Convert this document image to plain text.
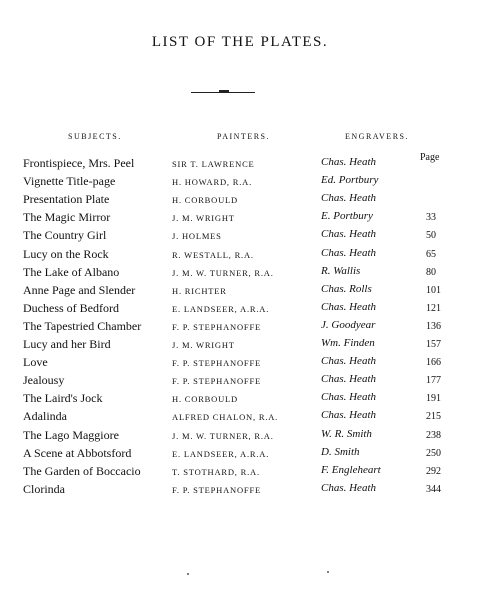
LIST OF THE PLATES.
SUBJECTS.	PAINTERS.	ENGRAVERS.
Page
Frontispiece, Mrs. Peel	SIR T. LAWRENCE	Chas. Heath
Vignette Title-page	H. HOWARD, R.A.	Ed. Portbury
Presentation Plate	H. CORBOULD	Chas. Heath
The Magic Mirror	J. M. WRIGHT	E. Portbury	33
The Country Girl	J. HOLMES	Chas. Heath	50
Lucy on the Rock	R. WESTALL, R.A.	Chas. Heath	65
The Lake of Albano	J. M. W. TURNER, R.A.	R. Wallis	80
Anne Page and Slender	H. RICHTER	Chas. Rolls	101
Duchess of Bedford	E. LANDSEER, A.R.A.	Chas. Heath	121
The Tapestried Chamber	F. P. STEPHANOFFE	J. Goodyear	136
Lucy and her Bird	J. M. WRIGHT	Wm. Finden	157
Love	F. P. STEPHANOFFE	Chas. Heath	166
Jealousy	F. P. STEPHANOFFE	Chas. Heath	177
The Laird's Jock	H. CORBOULD	Chas. Heath	191
Adalinda	ALFRED CHALON, R.A.	Chas. Heath	215
The Lago Maggiore	J. M. W. TURNER, R.A.	W. R. Smith	238
A Scene at Abbotsford	E. LANDSEER, A.R.A.	D. Smith	250
The Garden of Boccacio	T. STOTHARD, R.A.	F. Engleheart	292
Clorinda	F. P. STEPHANOFFE	Chas. Heath	344
